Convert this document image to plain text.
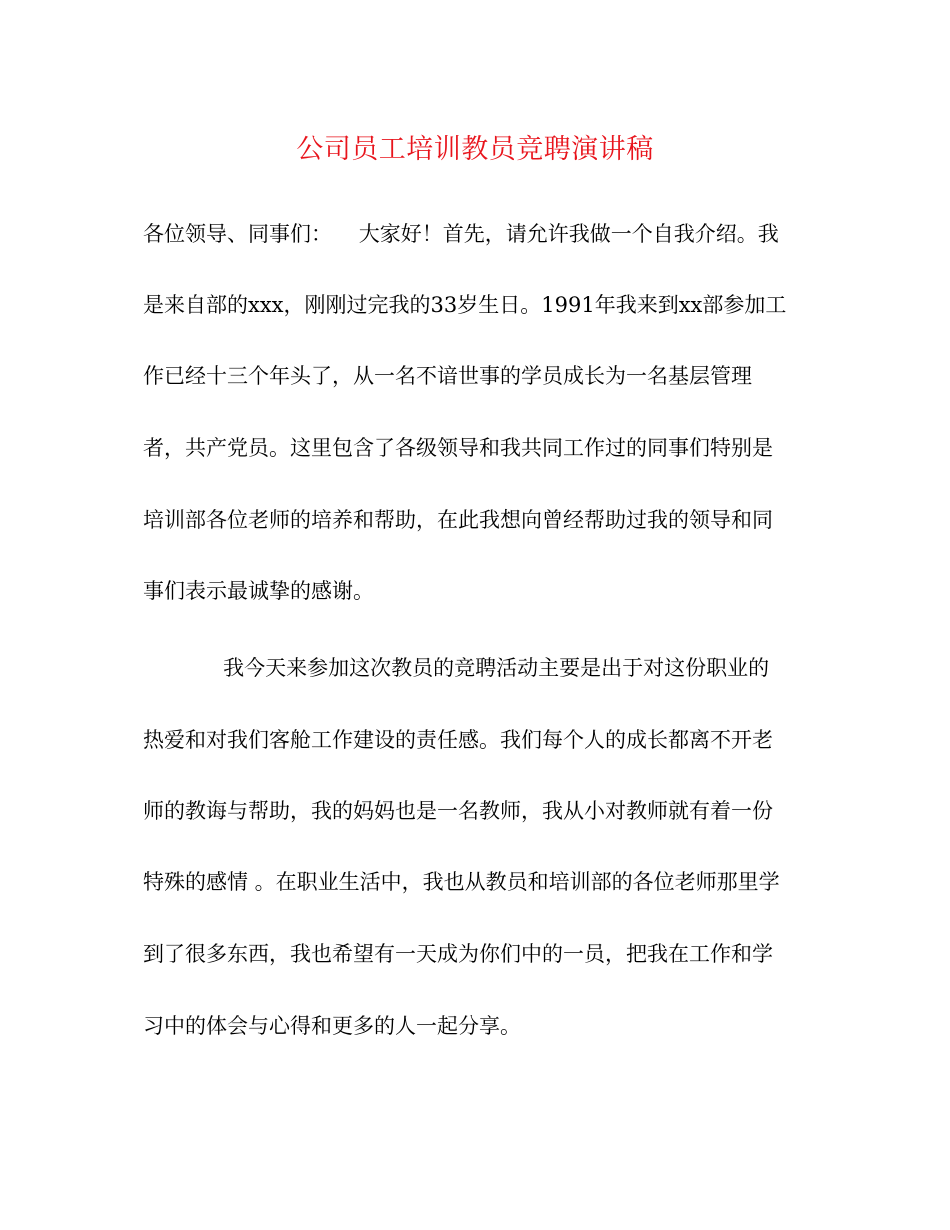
公司员工培训教员竞聘演讲稿
各位领导、同事们：    大家好！首先，请允许我做一个自我介绍。我
是来自部的xxx，刚刚过完我的33岁生日。1991年我来到xx部参加工
作已经十三个年头了，从一名不谙世事的学员成长为一名基层管理
者，共产党员。这里包含了各级领导和我共同工作过的同事们特别是
培训部各位老师的培养和帮助，在此我想向曾经帮助过我的领导和同
事们表示最诚挚的感谢。
我今天来参加这次教员的竞聘活动主要是出于对这份职业的
热爱和对我们客舱工作建设的责任感。我们每个人的成长都离不开老
师的教诲与帮助，我的妈妈也是一名教师，我从小对教师就有着一份
特殊的感情 。在职业生活中，我也从教员和培训部的各位老师那里学
到了很多东西，我也希望有一天成为你们中的一员，把我在工作和学
习中的体会与心得和更多的人一起分享。
